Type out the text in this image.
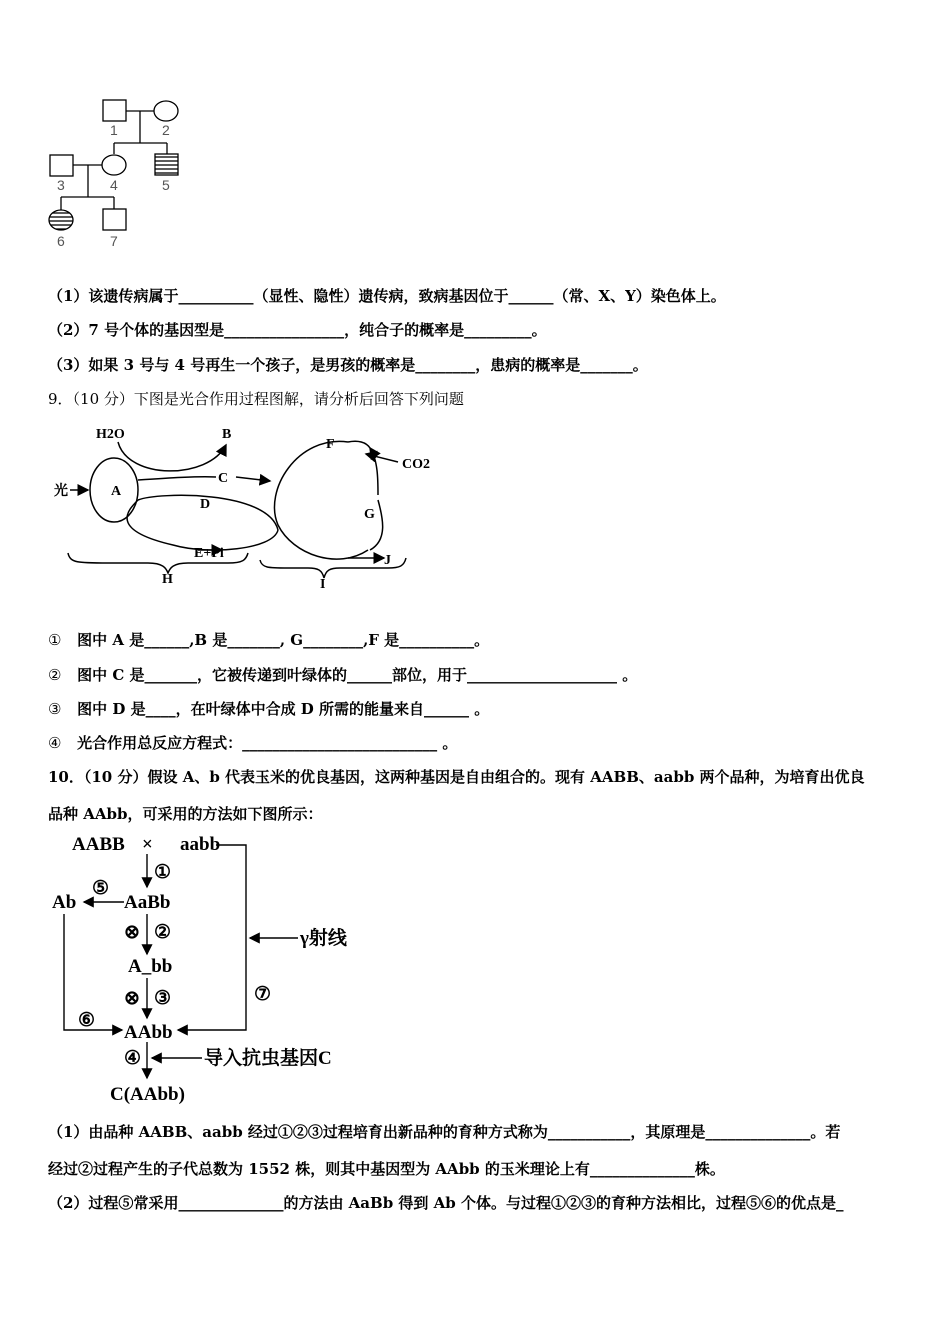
1	2
3	4	5
6	7
（1）该遗传病属于__________（显性、隐性）遗传病，致病基因位于______（常、X、Y）染色体上。
（2）7 号个体的基因型是________________，纯合子的概率是_________。
（3）如果 3 号与 4 号再生一个孩子，是男孩的概率是________，患病的概率是_______。
9．（10 分）下图是光合作用过程图解，请分析后回答下列问题
H2O	B
光	A
C
D
E+Pi
H
F
CO2
G
J
I
① 图中 A 是______,B 是_______, G________,F 是__________。
② 图中 C 是_______，它被传递到叶绿体的______部位，用于____________________ 。
③ 图中 D 是____，在叶绿体中合成 D 所需的能量来自______ 。
④ 光合作用总反应方程式：__________________________ 。
10．（10 分）假设 A、b 代表玉米的优良基因，这两种基因是自由组合的。现有 AABB、aabb 两个品种，为培育出优良
品种 AAbb，可采用的方法如下图所示：
AABB × aabb
①
Ab
⑤
AaBb
⊗ ②
A_bb
⊗ ③
γ射线
⑦
⑥
AAbb
④	导入抗虫基因C
C(AAbb)
（1）由品种 AABB、aabb 经过①②③过程培育出新品种的育种方式称为___________，其原理是______________。若
经过②过程产生的子代总数为 1552 株，则其中基因型为 AAbb 的玉米理论上有______________株。
（2）过程⑤常采用______________的方法由 AaBb 得到 Ab 个体。与过程①②③的育种方法相比，过程⑤⑥的优点是_
